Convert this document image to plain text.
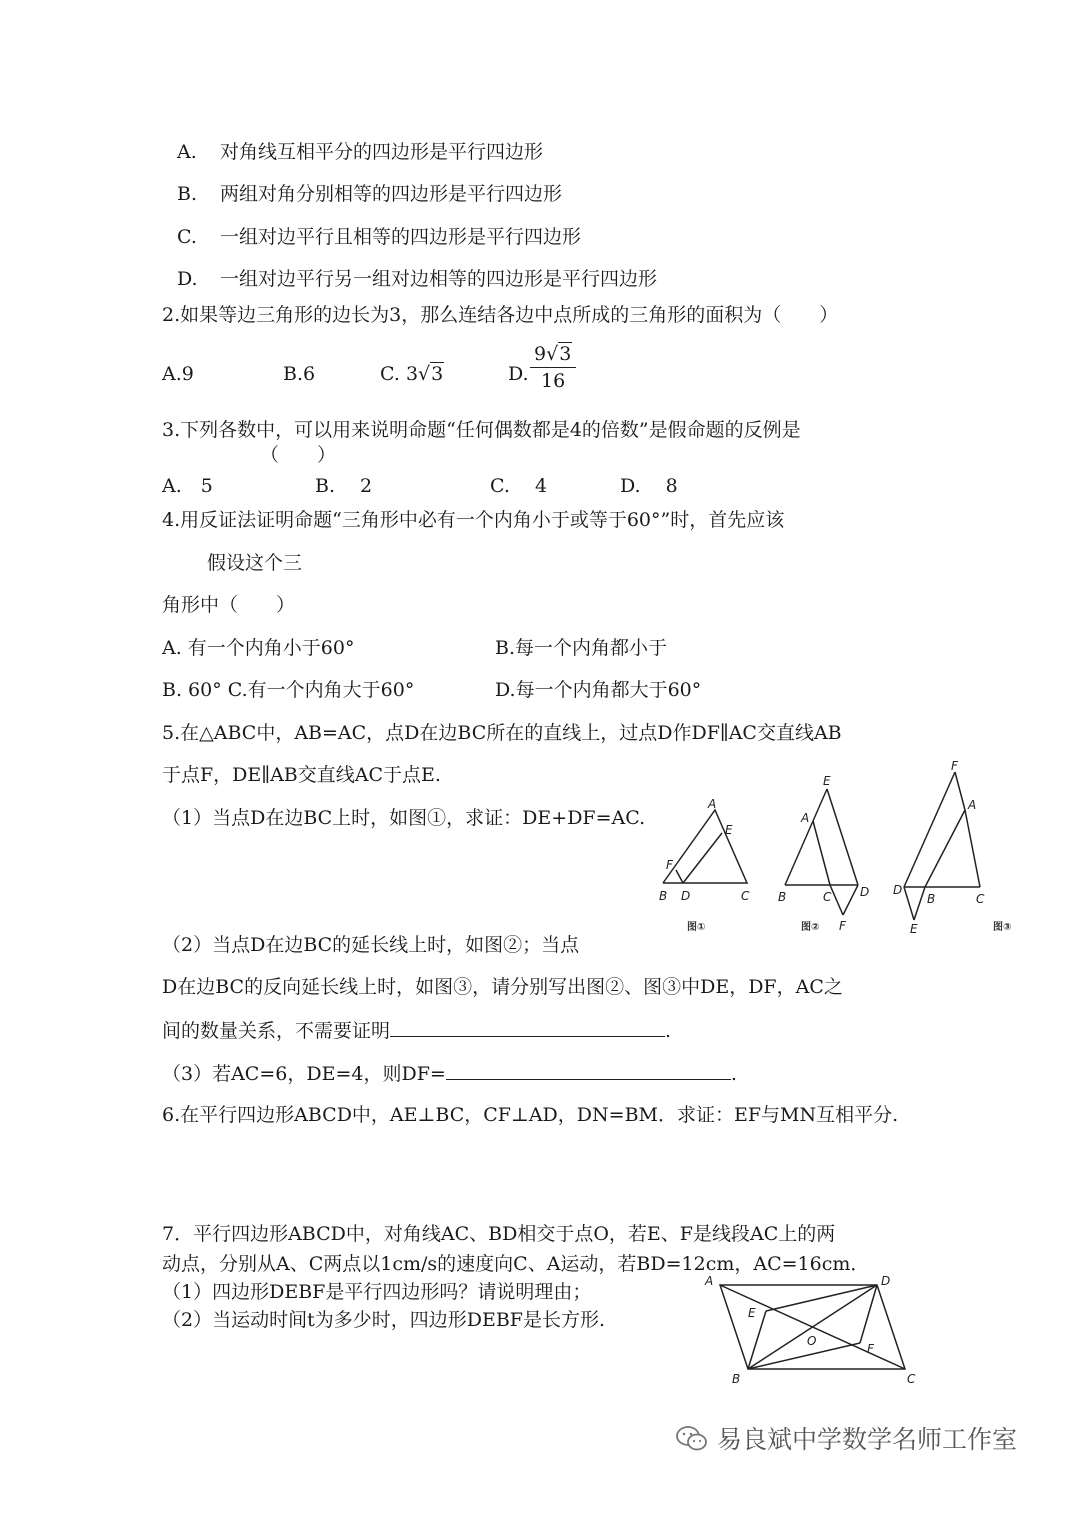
A. 对角线互相平分的四边形是平行四边形
B. 两组对角分别相等的四边形是平行四边形
C. 一组对边平行且相等的四边形是平行四边形
D. 一组对边平行另一组对边相等的四边形是平行四边形
2.如果等边三角形的边长为3，那么连结各边中点所成的三角形的面积为（　　）
A.9	B.6	C. 3√3	D. $\frac{9√3}{16}$
3.下列各数中，可以用来说明命题“任何偶数都是4的倍数”是假命题的反例是
（　　）
A.　5	B.　 2	C.　 4	D.　 8
4.用反证法证明命题“三角形中必有一个内角小于或等于60°”时，首先应该
假设这个三
角形中（　　）
A. 有一个内角小于60°	B.每一个内角都小于
B. 60° C.有一个内角大于60°	D.每一个内角都大于60°
5.在△ABC中，AB=AC，点D在边BC所在的直线上，过点D作DF∥AC交直线AB
于点F，DE∥AB交直线AC于点E.
（1）当点D在边BC上时，如图①，求证：DE+DF=AC.
A
E
F
B D	C
E
A
B	C D
F
F
A
D
B	C
E
图①	图②	图③
（2）当点D在边BC的延长线上时，如图②；当点
D在边BC的反向延长线上时，如图③，请分别写出图②、图③中DE，DF，AC之
间的数量关系，不需要证明	.
（3）若AC=6，DE=4，则DF=	.
6.在平行四边形ABCD中，AE⊥BC，CF⊥AD，DN=BM．求证：EF与MN互相平分.
7．平行四边形ABCD中，对角线AC、BD相交于点O，若E、F是线段AC上的两
动点，分别从A、C两点以1cm/s的速度向C、A运动，若BD=12cm，AC=16cm．
（1）四边形DEBF是平行四边形吗？请说明理由；
（2）当运动时间t为多少时，四边形DEBF是长方形.
A	D
E
O
F
B	C
易良斌中学数学名师工作室
